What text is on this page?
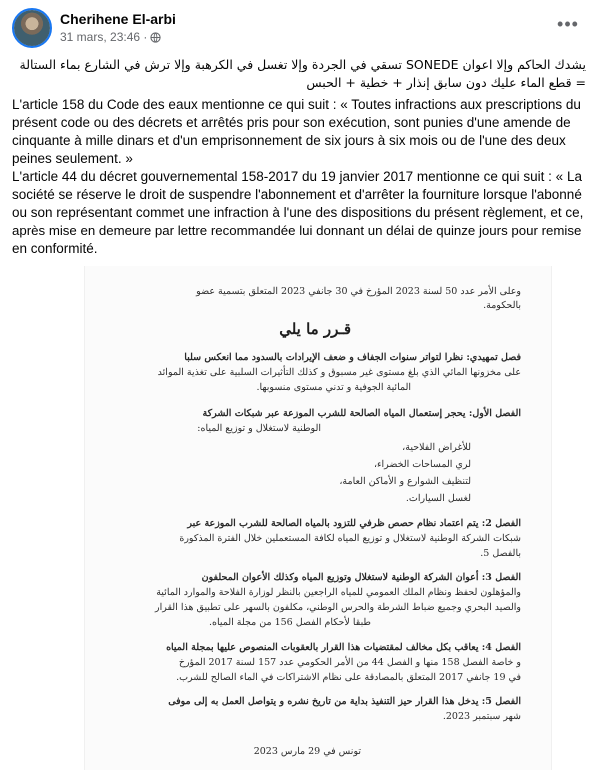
Cherihene El-arbi
31 mars, 23:46 ·
•••
يشدك الحاكم وإلا اعوان SONEDE تسقي في الجردة وإلا تغسل في الكرهبة وإلا ترش في الشارع بماء الستالة
= قطع الماء عليك دون سابق إنذار + خطية + الحبس
L'article 158 du Code des eaux mentionne ce qui suit : « Toutes infractions aux prescriptions du
présent code ou des décrets et arrêtés pris pour son exécution, sont punies d'une amende de
cinquante à mille dinars et d'un emprisonnement de six jours à six mois ou de l'une des deux
peines seulement. »
L'article 44 du décret gouvernemental 158-2017 du 19 janvier 2017 mentionne ce qui suit : « La
société se réserve le droit de suspendre l'abonnement et d'arrêter la fourniture lorsque l'abonné
ou son représentant commet une infraction à l'une des dispositions du présent règlement, et ce,
après mise en demeure par lettre recommandée lui donnant un délai de quinze jours pour remise
en conformité.
وعلى الأمر عدد 50 لسنة 2023 المؤرخ في 30 جانفي 2023 المتعلق بتسمية عضو
بالحكومة.
قـرر ما يلي
فصل تمهيدي: نظرا لتواتر سنوات الجفاف و ضعف الإيرادات بالسدود مما انعكس سلبا
على مخزونها المائي الذي بلغ مستوى غير مسبوق و كذلك التأثيرات السلبية على تغذية الموائد
المائية الجوفية و تدني مستوى منسوبها.
الفصل الأول: يحجر إستعمال المياه الصالحة للشرب الموزعة عبر شبكات الشركة
الوطنية لاستغلال و توزيع المياه:
للأغراض الفلاحية،
لري المساحات الخضراء،
لتنظيف الشوارع و الأماكن العامة،
لغسل السيارات.
الفصل 2: يتم اعتماد نظام حصص ظرفي للتزود بالمياه الصالحة للشرب الموزعة عبر
شبكات الشركة الوطنية لاستغلال و توزيع المياه لكافة المستعملين خلال الفترة المذكورة
بالفصل 5.
الفصل 3: أعوان الشركة الوطنية لاستغلال وتوزيع المياه وكذلك الأعوان المحلفون
والمؤهلون لحفظ ونظام الملك العمومي للمياه الراجعين بالنظر لوزارة الفلاحة والموارد المائية
والصيد البحري وجميع ضباط الشرطة والحرس الوطني، مكلفون بالسهر على تطبيق هذا القرار
طبقا لأحكام الفصل 156 من مجلة المياه.
الفصل 4: يعاقب بكل مخالف لمقتضيات هذا القرار بالعقوبات المنصوص عليها بمجلة المياه
و خاصة الفصل 158 منها و الفصل 44 من الأمر الحكومي عدد 157 لسنة 2017 المؤرخ
في 19 جانفي 2017 المتعلق بالمصادقة على نظام الاشتراكات في الماء الصالح للشرب.
الفصل 5: يدخل هذا القرار حيز التنفيذ بداية من تاريخ نشره و يتواصل العمل به إلى موفى
شهر سبتمبر 2023.
تونس في 29 مارس 2023
